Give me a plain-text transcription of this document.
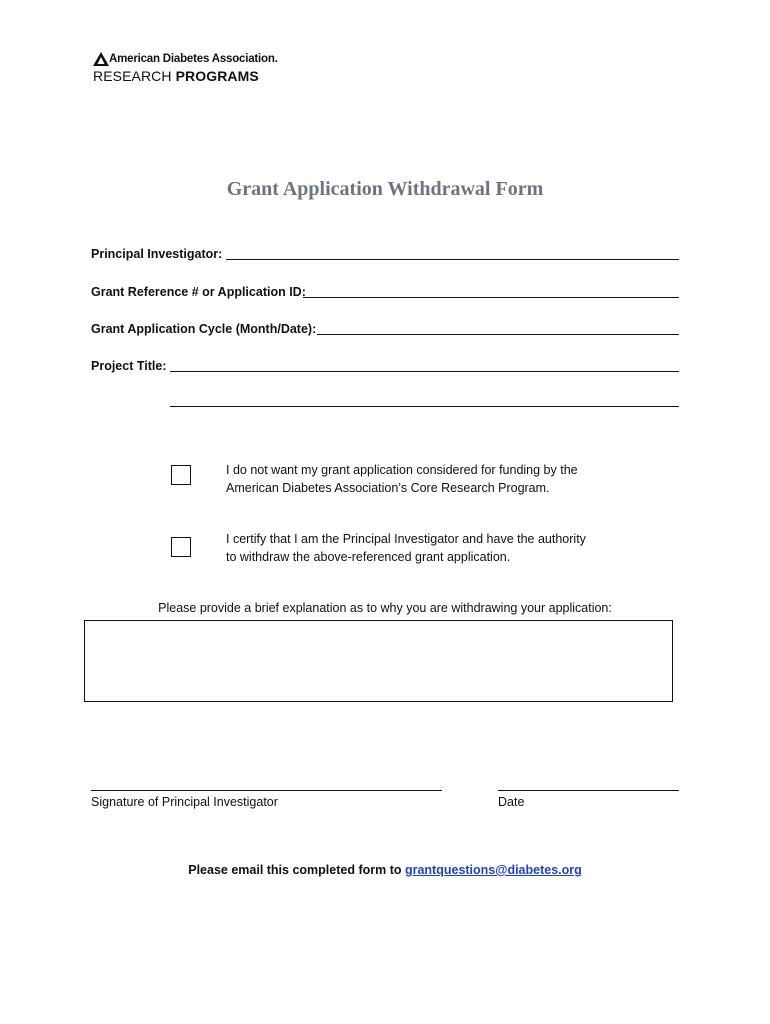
American Diabetes Association.
RESEARCH PROGRAMS
Grant Application Withdrawal Form
Principal Investigator:
Grant Reference # or Application ID:
Grant Application Cycle (Month/Date):
Project Title:
I do not want my grant application considered for funding by the American Diabetes Association’s Core Research Program.
I certify that I am the Principal Investigator and have the authority to withdraw the above-referenced grant application.
Please provide a brief explanation as to why you are withdrawing your application:
Signature of Principal Investigator	Date
Please email this completed form to grantquestions@diabetes.org
